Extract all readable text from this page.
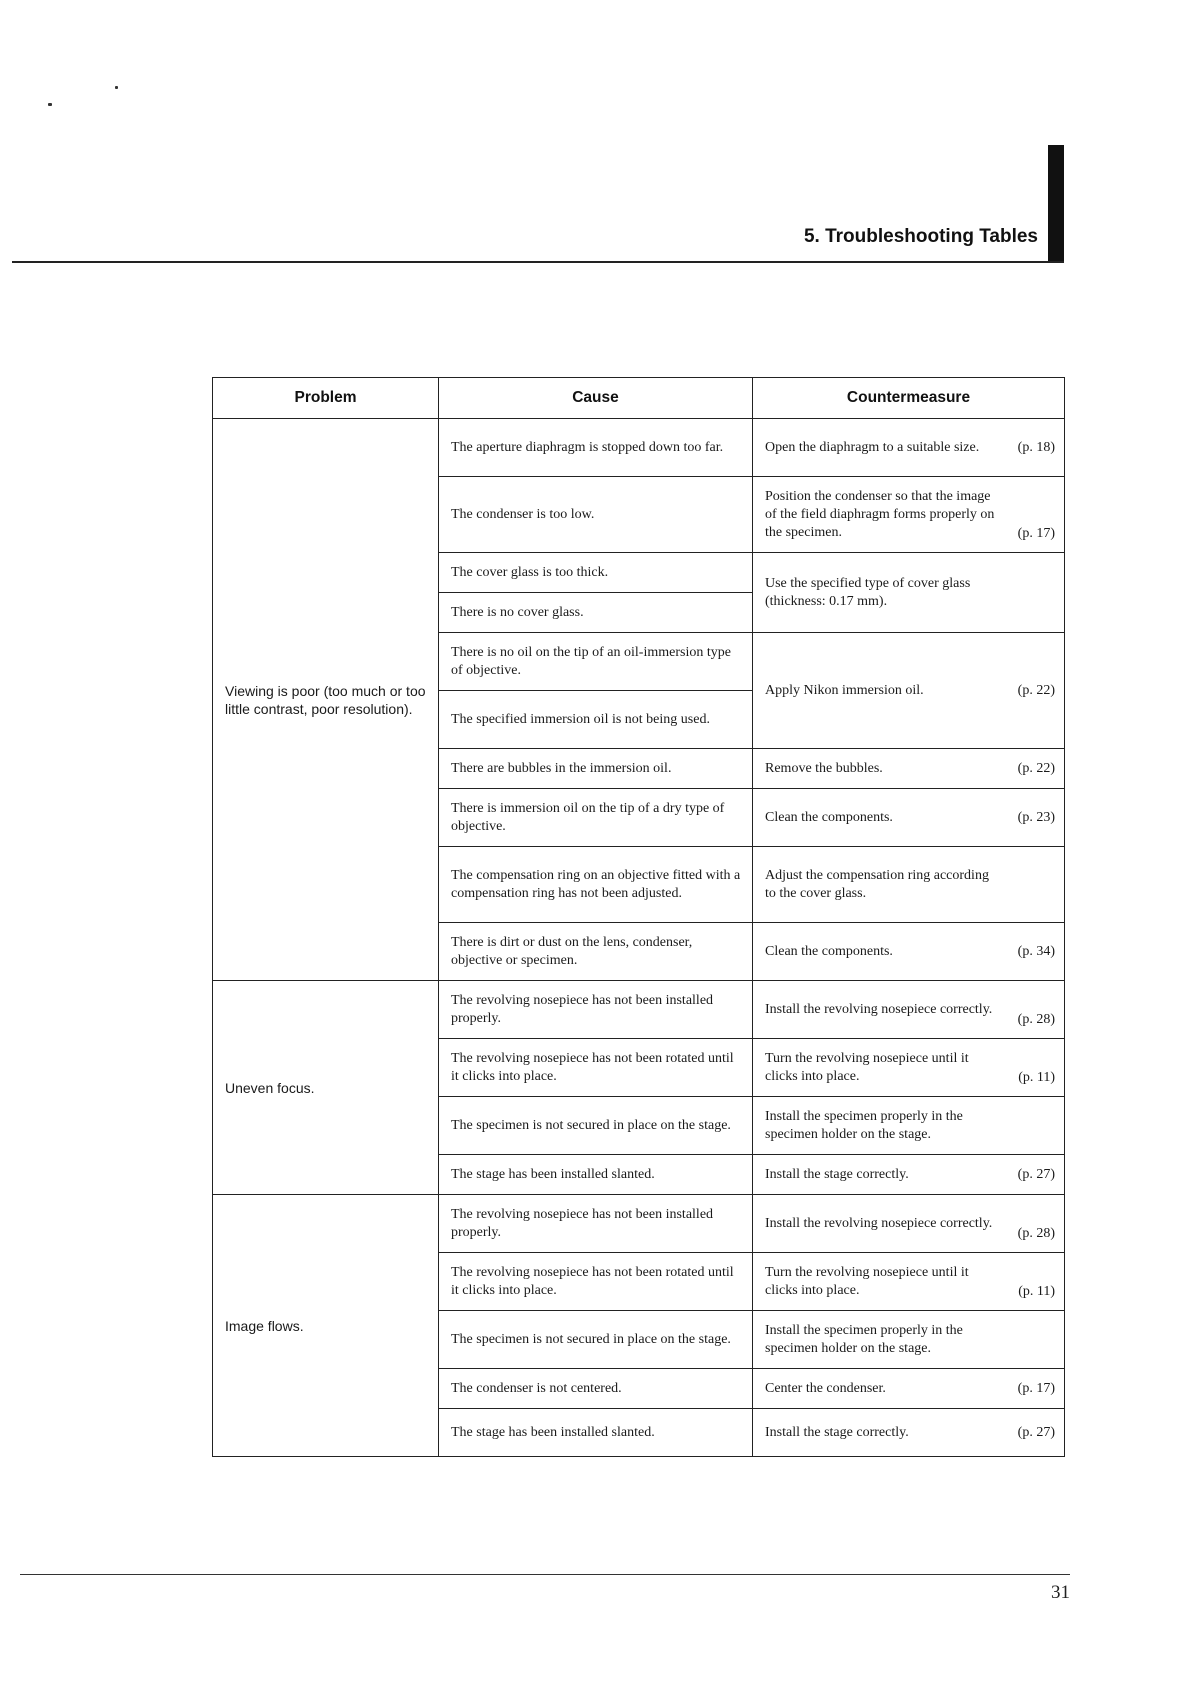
5. Troubleshooting Tables
Problem	Cause	Countermeasure
Viewing is poor (too much or too little contrast, poor resolution).	The aperture diaphragm is stopped down too far.	Open the diaphragm to a suitable size. (p. 18)

	The condenser is too low.	Position the condenser so that the image of the field diaphragm forms properly on the specimen. (p. 17)

	The cover glass is too thick.	Use the specified type of cover glass (thickness: 0.17 mm).

	There is no cover glass.	
	There is no oil on the tip of an oil-immersion type of objective.	Apply Nikon immersion oil. (p. 22)

	The specified immersion oil is not being used.	
	There are bubbles in the immersion oil.	Remove the bubbles. (p. 22)

	There is immersion oil on the tip of a dry type of objective.	Clean the components. (p. 23)

	The compensation ring on an objective fitted with a compensation ring has not been adjusted.	Adjust the compensation ring according to the cover glass.

	There is dirt or dust on the lens, condenser, objective or specimen.	Clean the components. (p. 34)

Uneven focus.	The revolving nosepiece has not been installed properly.	Install the revolving nosepiece correctly.
(p. 28)

	The revolving nosepiece has not been rotated until it clicks into place.	Turn the revolving nosepiece until it clicks into place. (p. 11)

	The specimen is not secured in place on the stage.	Install the specimen properly in the specimen holder on the stage.

	The stage has been installed slanted.	Install the stage correctly. (p. 27)

Image flows.	The revolving nosepiece has not been installed properly.	Install the revolving nosepiece correctly.
(p. 28)

	The revolving nosepiece has not been rotated until it clicks into place.	Turn the revolving nosepiece until it clicks into place. (p. 11)

	The specimen is not secured in place on the stage.	Install the specimen properly in the specimen holder on the stage.

	The condenser is not centered.	Center the condenser. (p. 17)

	The stage has been installed slanted.	Install the stage correctly. (p. 27)
31
